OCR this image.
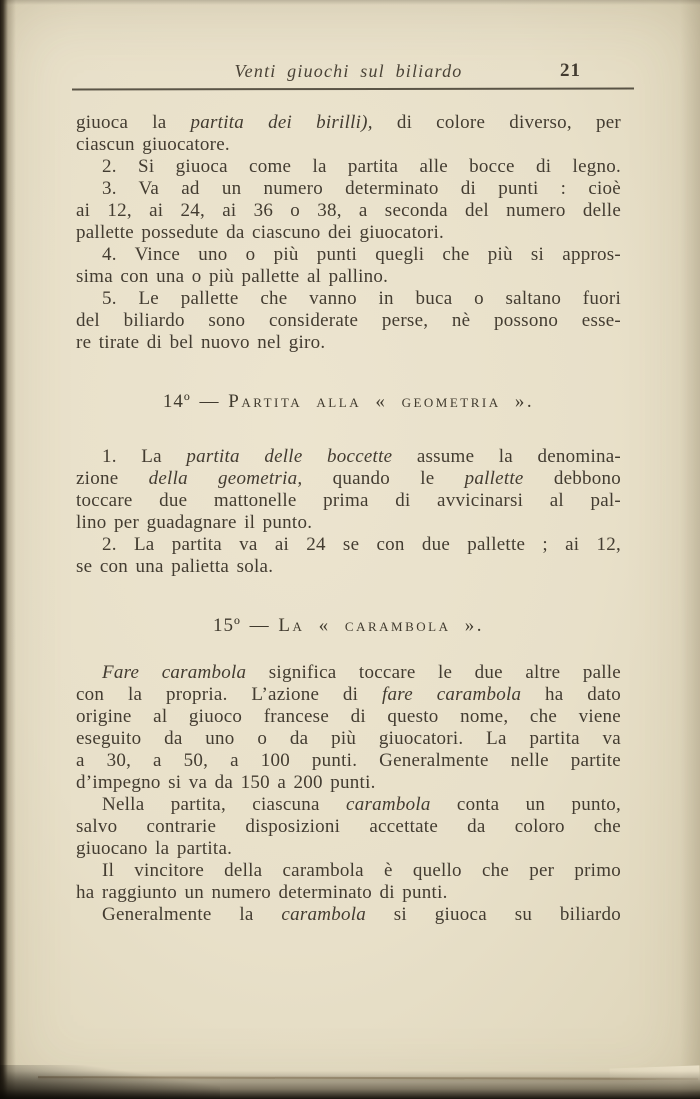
Venti giuochi sul biliardo	21
giuoca la partita dei birilli), di colore diverso, per
ciascun giuocatore.
2. Si giuoca come la partita alle bocce di legno.
3. Va ad un numero determinato di punti : cioè
ai 12, ai 24, ai 36 o 38, a seconda del numero delle
pallette possedute da ciascuno dei giuocatori.
4. Vince uno o più punti quegli che più si appros-
sima con una o più pallette al pallino.
5. Le pallette che vanno in buca o saltano fuori
del biliardo sono considerate perse, nè possono esse-
re tirate di bel nuovo nel giro.
14º — Partita alla « geometria ».
1. La partita delle boccette assume la denomina-
zione della geometria, quando le pallette debbono
toccare due mattonelle prima di avvicinarsi al pal-
lino per guadagnare il punto.
2. La partita va ai 24 se con due pallette ; ai 12,
se con una palietta sola.
15º — La « carambola ».
Fare carambola significa toccare le due altre palle
con la propria. L’azione di fare carambola ha dato
origine al giuoco francese di questo nome, che viene
eseguito da uno o da più giuocatori. La partita va
a 30, a 50, a 100 punti. Generalmente nelle partite
d’impegno si va da 150 a 200 punti.
Nella partita, ciascuna carambola conta un punto,
salvo contrarie disposizioni accettate da coloro che
giuocano la partita.
Il vincitore della carambola è quello che per primo
ha raggiunto un numero determinato di punti.
Generalmente la carambola si giuoca su biliardo
